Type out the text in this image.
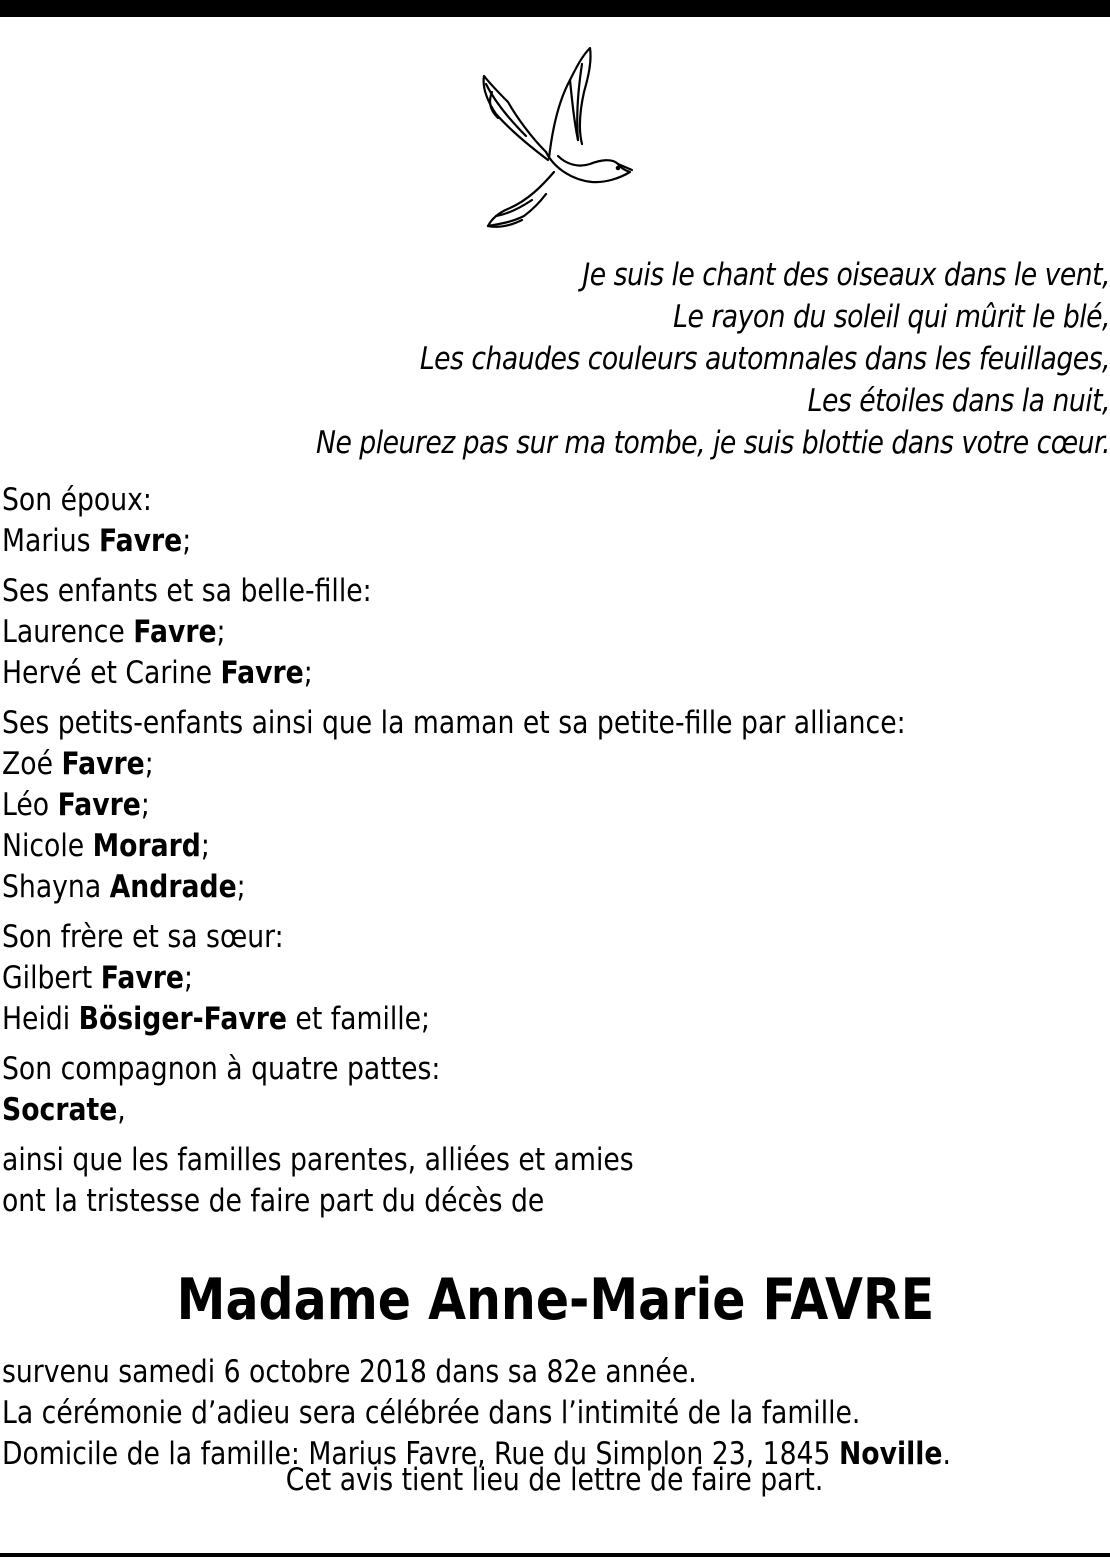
Je suis le chant des oiseaux dans le vent,
Le rayon du soleil qui mûrit le blé,
Les chaudes couleurs automnales dans les feuillages,
Les étoiles dans la nuit,
Ne pleurez pas sur ma tombe, je suis blottie dans votre cœur.
Son époux:
Marius Favre;
Ses enfants et sa belle-fille:
Laurence Favre;
Hervé et Carine Favre;
Ses petits-enfants ainsi que la maman et sa petite-fille par alliance:
Zoé Favre;
Léo Favre;
Nicole Morard;
Shayna Andrade;
Son frère et sa sœur:
Gilbert Favre;
Heidi Bösiger-Favre et famille;
Son compagnon à quatre pattes:
Socrate,
ainsi que les familles parentes, alliées et amies
ont la tristesse de faire part du décès de
Madame Anne-Marie FAVRE
survenu samedi 6 octobre 2018 dans sa 82e année.
La cérémonie d’adieu sera célébrée dans l’intimité de la famille.
Domicile de la famille: Marius Favre, Rue du Simplon 23, 1845 Noville.
Cet avis tient lieu de lettre de faire part.
